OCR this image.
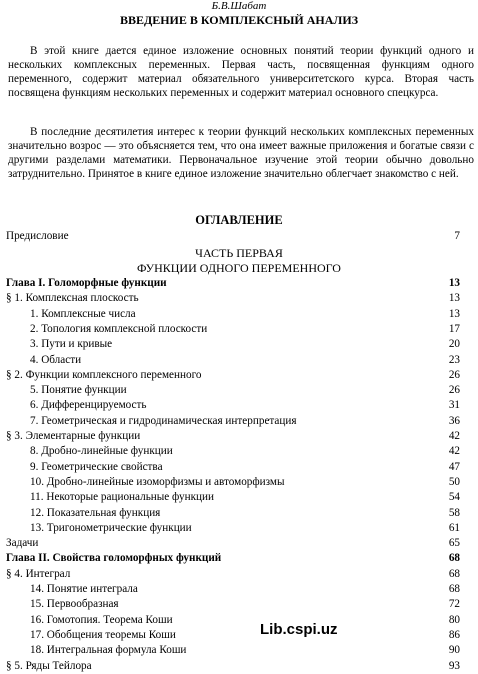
Б.В.Шабат
ВВЕДЕНИЕ В КОМПЛЕКСНЫЙ АНАЛИЗ

В этой книге дается единое изложение основных понятий теории функций одного и нескольких комплексных переменных. Первая часть, посвященная функциям одного переменного, содержит материал обязательного университетского курса. Вторая часть посвящена функциям нескольких переменных и содержит материал основного спецкурса.

В последние десятилетия интерес к теории функций нескольких комплексных переменных значительно возрос — это объясняется тем, что она имеет важные приложения и богатые связи с другими разделами математики. Первоначальное изучение этой теории обычно довольно затруднительно. Принятое в книге единое изложение значительно облегчает знакомство с ней.

ОГЛАВЛЕНИЕ
Предисловие	7
ЧАСТЬ ПЕРВАЯ
ФУНКЦИИ ОДНОГО ПЕРЕМЕННОГО
Глава I. Голоморфные функции	13
§ 1. Комплексная плоскость	13
1. Комплексные числа	13
2. Топология комплексной плоскости	17
3. Пути и кривые	20
4. Области	23
§ 2. Функции комплексного переменного	26
5. Понятие функции	26
6. Дифференцируемость	31
7. Геометрическая и гидродинамическая интерпретация	36
§ 3. Элементарные функции	42
8. Дробно-линейные функции	42
9. Геометрические свойства	47
10. Дробно-линейные изоморфизмы и автоморфизмы	50
11. Некоторые рациональные функции	54
12. Показательная функция	58
13. Тригонометрические функции	61
Задачи	65
Глава II. Свойства голоморфных функций	68
§ 4. Интеграл	68
14. Понятие интеграла	68
15. Первообразная	72
16. Гомотопия. Теорема Коши	80
17. Обобщения теоремы Коши	86
18. Интегральная формула Коши	90
§ 5. Ряды Тейлора	93
Lib.cspi.uz
